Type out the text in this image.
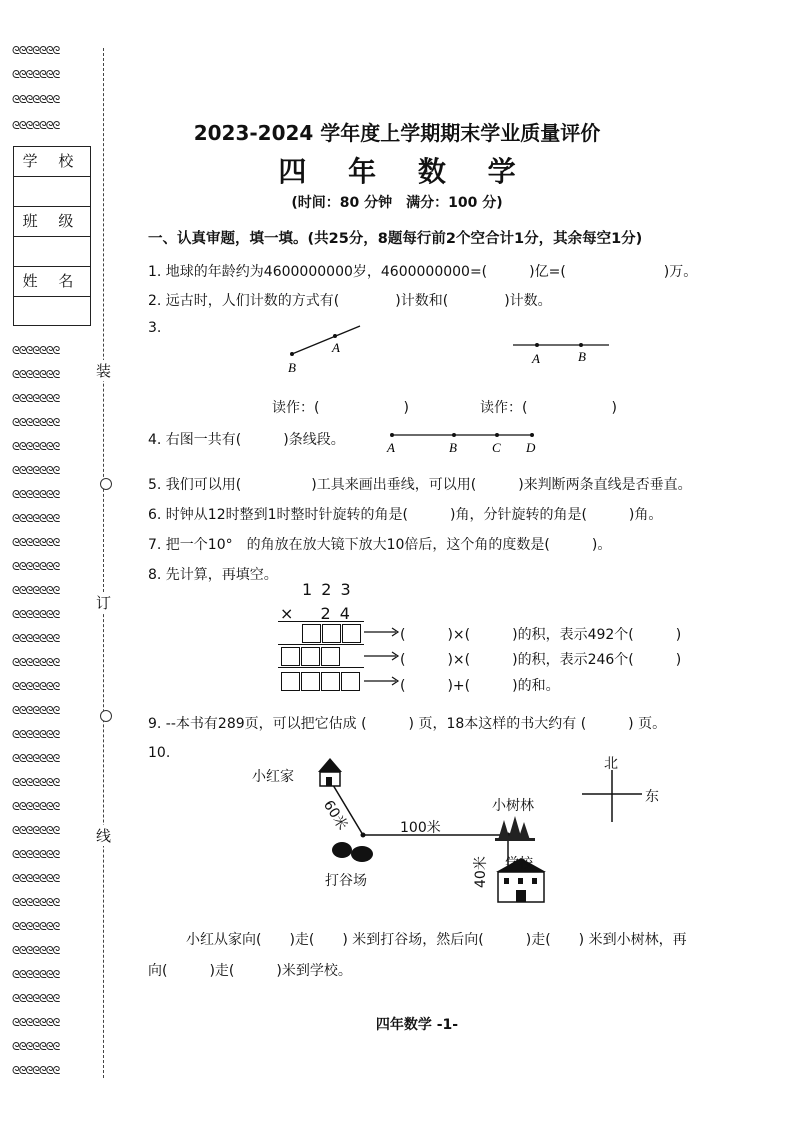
ᘓᘓᘓᘓᘓᘓᘓ
ᘓᘓᘓᘓᘓᘓᘓ
ᘓᘓᘓᘓᘓᘓᘓ
ᘓᘓᘓᘓᘓᘓᘓ
学 校
班 级
姓 名
ᘓᘓᘓᘓᘓᘓᘓ
ᘓᘓᘓᘓᘓᘓᘓ
ᘓᘓᘓᘓᘓᘓᘓ
ᘓᘓᘓᘓᘓᘓᘓ
ᘓᘓᘓᘓᘓᘓᘓ
ᘓᘓᘓᘓᘓᘓᘓ
ᘓᘓᘓᘓᘓᘓᘓ
ᘓᘓᘓᘓᘓᘓᘓ
ᘓᘓᘓᘓᘓᘓᘓ
ᘓᘓᘓᘓᘓᘓᘓ
ᘓᘓᘓᘓᘓᘓᘓ
ᘓᘓᘓᘓᘓᘓᘓ
ᘓᘓᘓᘓᘓᘓᘓ
ᘓᘓᘓᘓᘓᘓᘓ
ᘓᘓᘓᘓᘓᘓᘓ
ᘓᘓᘓᘓᘓᘓᘓ
ᘓᘓᘓᘓᘓᘓᘓ
ᘓᘓᘓᘓᘓᘓᘓ
ᘓᘓᘓᘓᘓᘓᘓ
ᘓᘓᘓᘓᘓᘓᘓ
ᘓᘓᘓᘓᘓᘓᘓ
ᘓᘓᘓᘓᘓᘓᘓ
ᘓᘓᘓᘓᘓᘓᘓ
ᘓᘓᘓᘓᘓᘓᘓ
ᘓᘓᘓᘓᘓᘓᘓ
ᘓᘓᘓᘓᘓᘓᘓ
ᘓᘓᘓᘓᘓᘓᘓ
ᘓᘓᘓᘓᘓᘓᘓ
ᘓᘓᘓᘓᘓᘓᘓ
ᘓᘓᘓᘓᘓᘓᘓ
ᘓᘓᘓᘓᘓᘓᘓ
装
订
线
2023-2024 学年度上学期期末学业质量评价
四 年 数 学
(时间：80 分钟　满分：100 分)
一、认真审题，填一填。(共25分，8题每行前2个空合计1分，其余每空1分)
1. 地球的年龄约为4600000000岁，4600000000=(　　　)亿=(　　　　　　　)万。
2. 远古时，人们计数的方式有(　　　　)计数和(　　　　)计数。
3.
B
A
A	B
读作：(　　　　　　)	读作：(　　　　　　)
4. 右图一共有(　　　)条线段。	A	B	C D
5. 我们可以用(　　　　　)工具来画出垂线，可以用(　　　)来判断两条直线是否垂直。
6. 时钟从12时整到1时整时针旋转的角是(　　　)角，分针旋转的角是(　　　)角。
7. 把一个10°　的角放在放大镜下放大10倍后，这个角的度数是(　　　)。
8. 先计算，再填空。
1 2 3
× 　2 4
(　　　)×(　　　)的积，表示492个(　　　)
(　　　)×(　　　)的积，表示246个(　　　)
(　　　)+(　　　)的和。
9. --本书有289页，可以把它估成 (　　　) 页，18本这样的书大约有 (　　　) 页。
10.
小红家
打谷场
小树林
学校
60米	100米
40米
北
东
小红从家向(　　)走(　　) 米到打谷场，然后向(　　　)走(　　) 米到小树林，再
向(　　　)走(　　　)米到学校。
四年数学 -1-
